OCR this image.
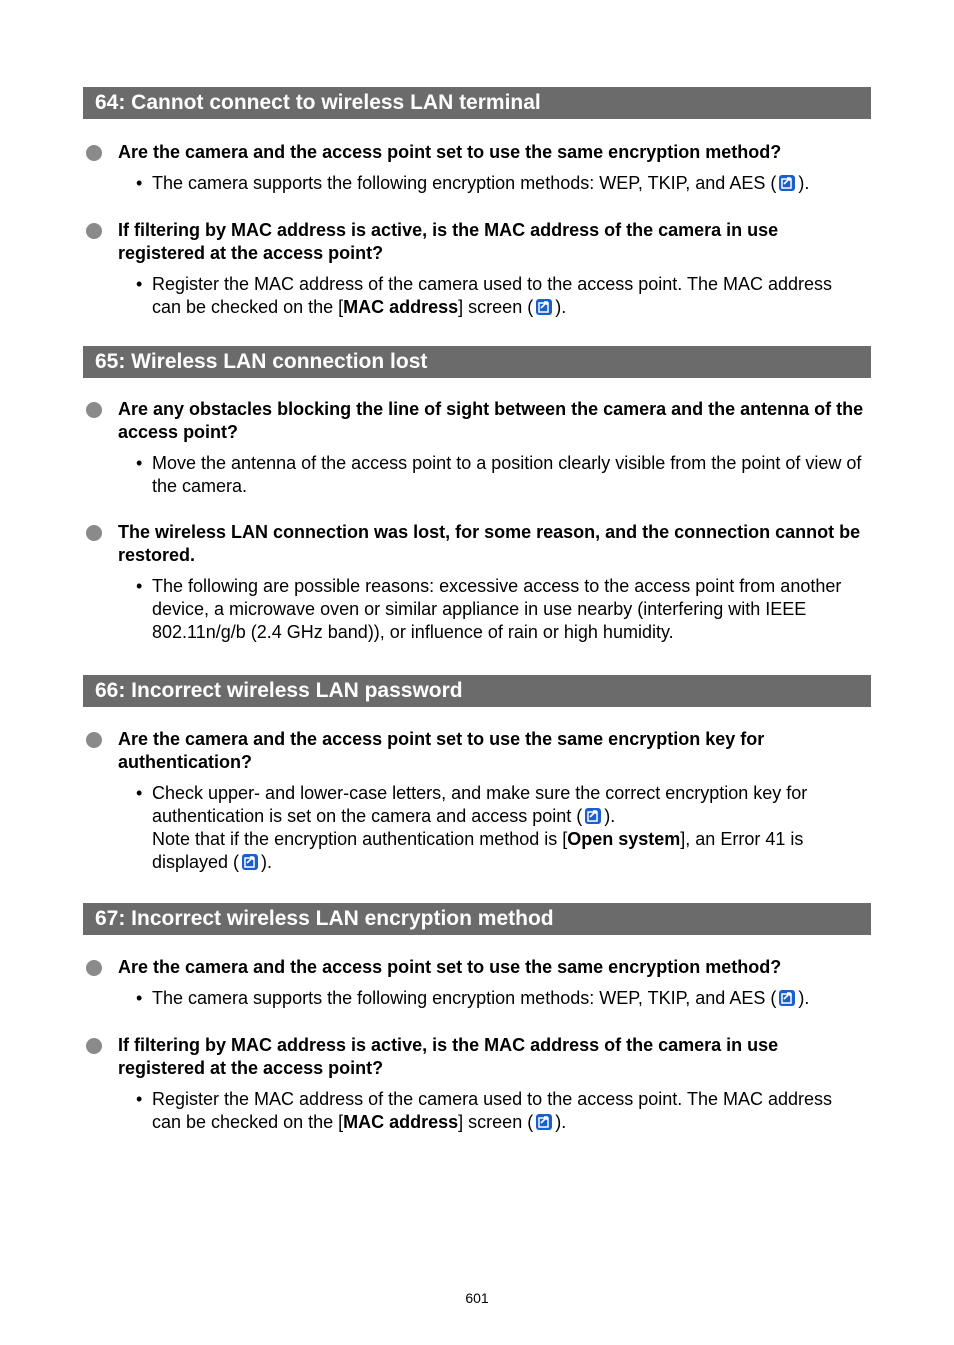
64: Cannot connect to wireless LAN terminal
Are the camera and the access point set to use the same encryption method?
• The camera supports the following encryption methods: WEP, TKIP, and AES ( ).
If filtering by MAC address is active, is the MAC address of the camera in use registered at the access point?
• Register the MAC address of the camera used to the access point. The MAC address can be checked on the [MAC address] screen ( ).
65: Wireless LAN connection lost
Are any obstacles blocking the line of sight between the camera and the antenna of the access point?
• Move the antenna of the access point to a position clearly visible from the point of view of the camera.
The wireless LAN connection was lost, for some reason, and the connection cannot be restored.
• The following are possible reasons: excessive access to the access point from another device, a microwave oven or similar appliance in use nearby (interfering with IEEE 802.11n/g/b (2.4 GHz band)), or influence of rain or high humidity.
66: Incorrect wireless LAN password
Are the camera and the access point set to use the same encryption key for authentication?
• Check upper- and lower-case letters, and make sure the correct encryption key for authentication is set on the camera and access point ( ).
Note that if the encryption authentication method is [Open system], an Error 41 is displayed ( ).
67: Incorrect wireless LAN encryption method
Are the camera and the access point set to use the same encryption method?
• The camera supports the following encryption methods: WEP, TKIP, and AES ( ).
If filtering by MAC address is active, is the MAC address of the camera in use registered at the access point?
• Register the MAC address of the camera used to the access point. The MAC address can be checked on the [MAC address] screen ( ).
601
